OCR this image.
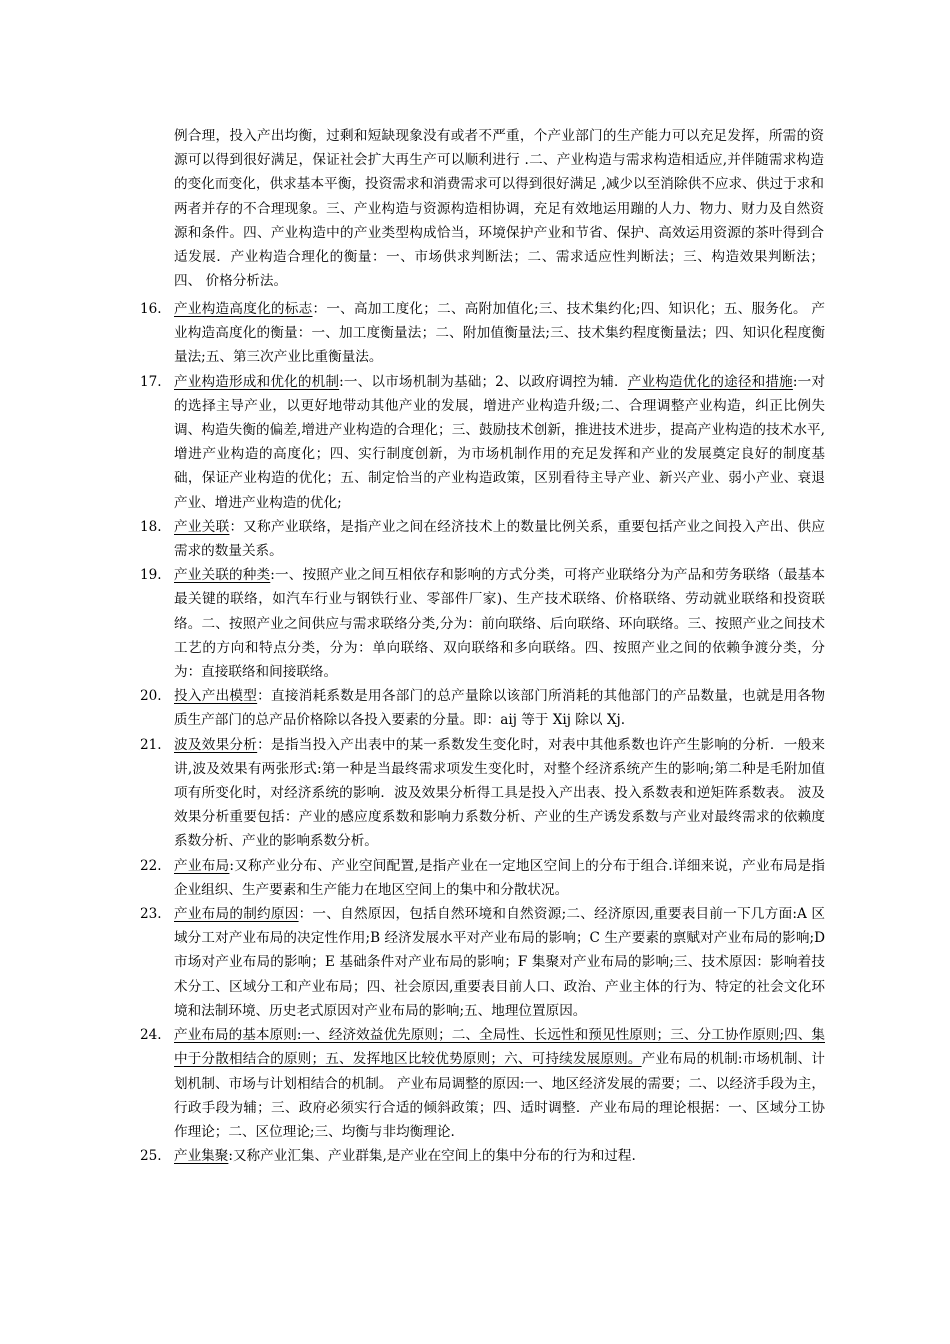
例合理，投入产出均衡，过剩和短缺现象没有或者不严重，个产业部门的生产能力可以充足发挥，所需的资源可以得到很好满足，保证社会扩大再生产可以顺利进行 .二、产业构造与需求构造相适应,并伴随需求构造的变化而变化，供求基本平衡，投资需求和消费需求可以得到很好满足 ,减少以至消除供不应求、供过于求和两者并存的不合理现象。三、产业构造与资源构造相协调，充足有效地运用蹦的人力、物力、财力及自然资源和条件。四、产业构造中的产业类型构成恰当，环境保护产业和节省、保护、高效运用资源的茶叶得到合适发展．产业构造合理化的衡量：一、市场供求判断法；二、需求适应性判断法；三、构造效果判断法；四、 价格分析法。
16. 产业构造高度化的标志：一、高加工度化；二、高附加值化;三、技术集约化;四、知识化；五、服务化。 产业构造高度化的衡量：一、加工度衡量法；二、附加值衡量法;三、技术集约程度衡量法；四、知识化程度衡量法;五、第三次产业比重衡量法。
17. 产业构造形成和优化的机制:一、以市场机制为基础；2、以政府调控为辅．产业构造优化的途径和措施:一对的选择主导产业，以更好地带动其他产业的发展，增进产业构造升级;二、合理调整产业构造，纠正比例失调、构造失衡的偏差,增进产业构造的合理化；三、鼓励技术创新，推进技术进步，提高产业构造的技术水平,增进产业构造的高度化；四、实行制度创新，为市场机制作用的充足发挥和产业的发展奠定良好的制度基础，保证产业构造的优化；五、制定恰当的产业构造政策，区别看待主导产业、新兴产业、弱小产业、衰退产业、增进产业构造的优化;
18. 产业关联：又称产业联络，是指产业之间在经济技术上的数量比例关系，重要包括产业之间投入产出、供应需求的数量关系。
19. 产业关联的种类:一、按照产业之间互相依存和影响的方式分类，可将产业联络分为产品和劳务联络（最基本最关键的联络，如汽车行业与钢铁行业、零部件厂家)、生产技术联络、价格联络、劳动就业联络和投资联络。二、按照产业之间供应与需求联络分类,分为：前向联络、后向联络、环向联络。三、按照产业之间技术工艺的方向和特点分类，分为：单向联络、双向联络和多向联络。四、按照产业之间的依赖争渡分类，分为：直接联络和间接联络。
20. 投入产出模型：直接消耗系数是用各部门的总产量除以该部门所消耗的其他部门的产品数量，也就是用各物质生产部门的总产品价格除以各投入要素的分量。即：aij 等于 Xij 除以 Xj.
21. 波及效果分析：是指当投入产出表中的某一系数发生变化时，对表中其他系数也许产生影响的分析．一般来讲,波及效果有两张形式:第一种是当最终需求项发生变化时，对整个经济系统产生的影响;第二种是毛附加值项有所变化时，对经济系统的影响．波及效果分析得工具是投入产出表、投入系数表和逆矩阵系数表。 波及效果分析重要包括：产业的感应度系数和影响力系数分析、产业的生产诱发系数与产业对最终需求的依赖度系数分析、产业的影响系数分析。
22. 产业布局:又称产业分布、产业空间配置,是指产业在一定地区空间上的分布于组合.详细来说，产业布局是指企业组织、生产要素和生产能力在地区空间上的集中和分散状况。
23. 产业布局的制约原因：一、自然原因，包括自然环境和自然资源;二、经济原因,重要表目前一下几方面:A 区域分工对产业布局的决定性作用;B 经济发展水平对产业布局的影响；C 生产要素的禀赋对产业布局的影响;D 市场对产业布局的影响；E 基础条件对产业布局的影响；F 集聚对产业布局的影响;三、技术原因：影响着技术分工、区域分工和产业布局；四、社会原因,重要表目前人口、政治、产业主体的行为、特定的社会文化环境和法制环境、历史老式原因对产业布局的影响;五、地理位置原因。
24. 产业布局的基本原则:一、经济效益优先原则；二、全局性、长远性和预见性原则；三、分工协作原则;四、集中于分散相结合的原则；五、发挥地区比较优势原则；六、可持续发展原则。产业布局的机制:市场机制、计划机制、市场与计划相结合的机制。 产业布局调整的原因:一、地区经济发展的需要；二、以经济手段为主，行政手段为辅；三、政府必须实行合适的倾斜政策；四、适时调整．产业布局的理论根据：一、区域分工协作理论；二、区位理论;三、均衡与非均衡理论.
25. 产业集聚:又称产业汇集、产业群集,是产业在空间上的集中分布的行为和过程.
